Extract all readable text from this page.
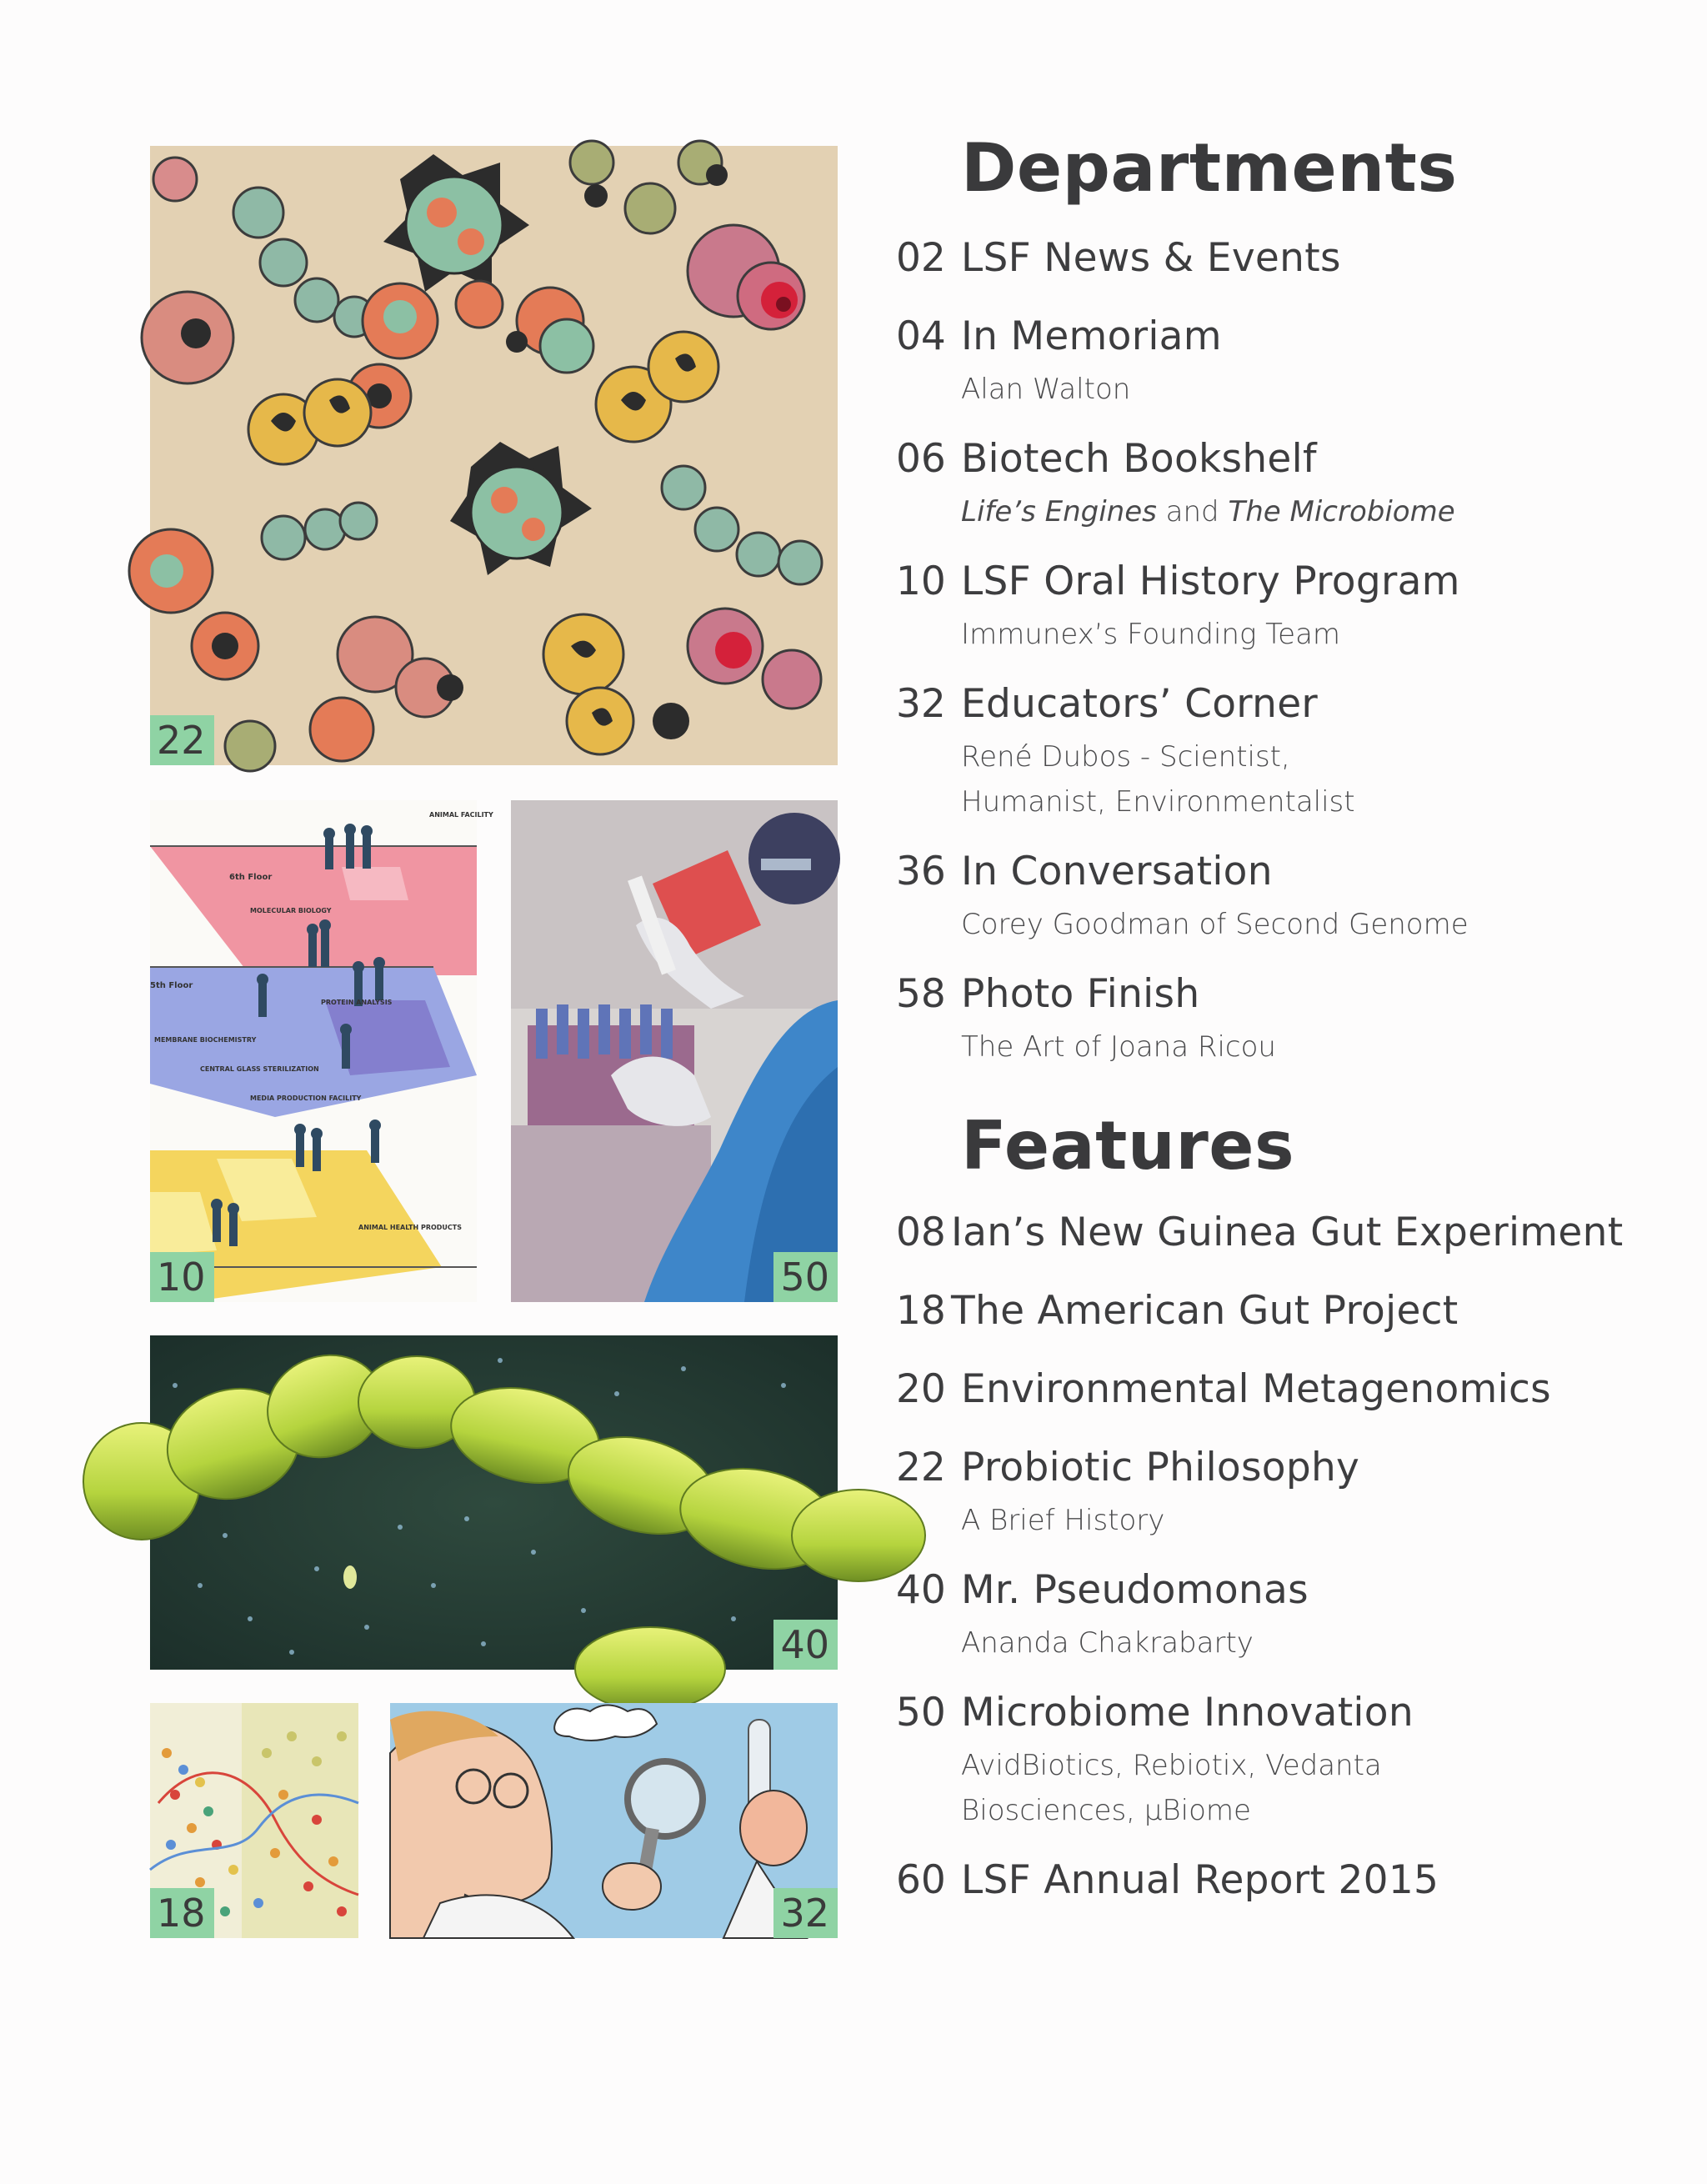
22
ANIMAL FACILITY
6th Floor
MOLECULAR BIOLOGY
5th Floor
PROTEIN ANALYSIS
MEMBRANE BIOCHEMISTRY
CENTRAL GLASS STERILIZATION
MEDIA PRODUCTION FACILITY
ANIMAL HEALTH PRODUCTS
10	50
40
18	32
Departments
02 LSF News & Events
04 In Memoriam
Alan Walton
06 Biotech Bookshelf
Life’s Engines and The Microbiome
10 LSF Oral History Program
Immunex’s Founding Team
32 Educators’ Corner
René Dubos - Scientist, Humanist, Environmentalist
36 In Conversation
Corey Goodman of Second Genome
58 Photo Finish
The Art of Joana Ricou
Features
08 Ian’s New Guinea Gut Experiment
18 The American Gut Project
20 Environmental Metagenomics
22 Probiotic Philosophy
A Brief History
40 Mr. Pseudomonas
Ananda Chakrabarty
50 Microbiome Innovation
AvidBiotics, Rebiotix, Vedanta Biosciences, µBiome
60 LSF Annual Report 2015
